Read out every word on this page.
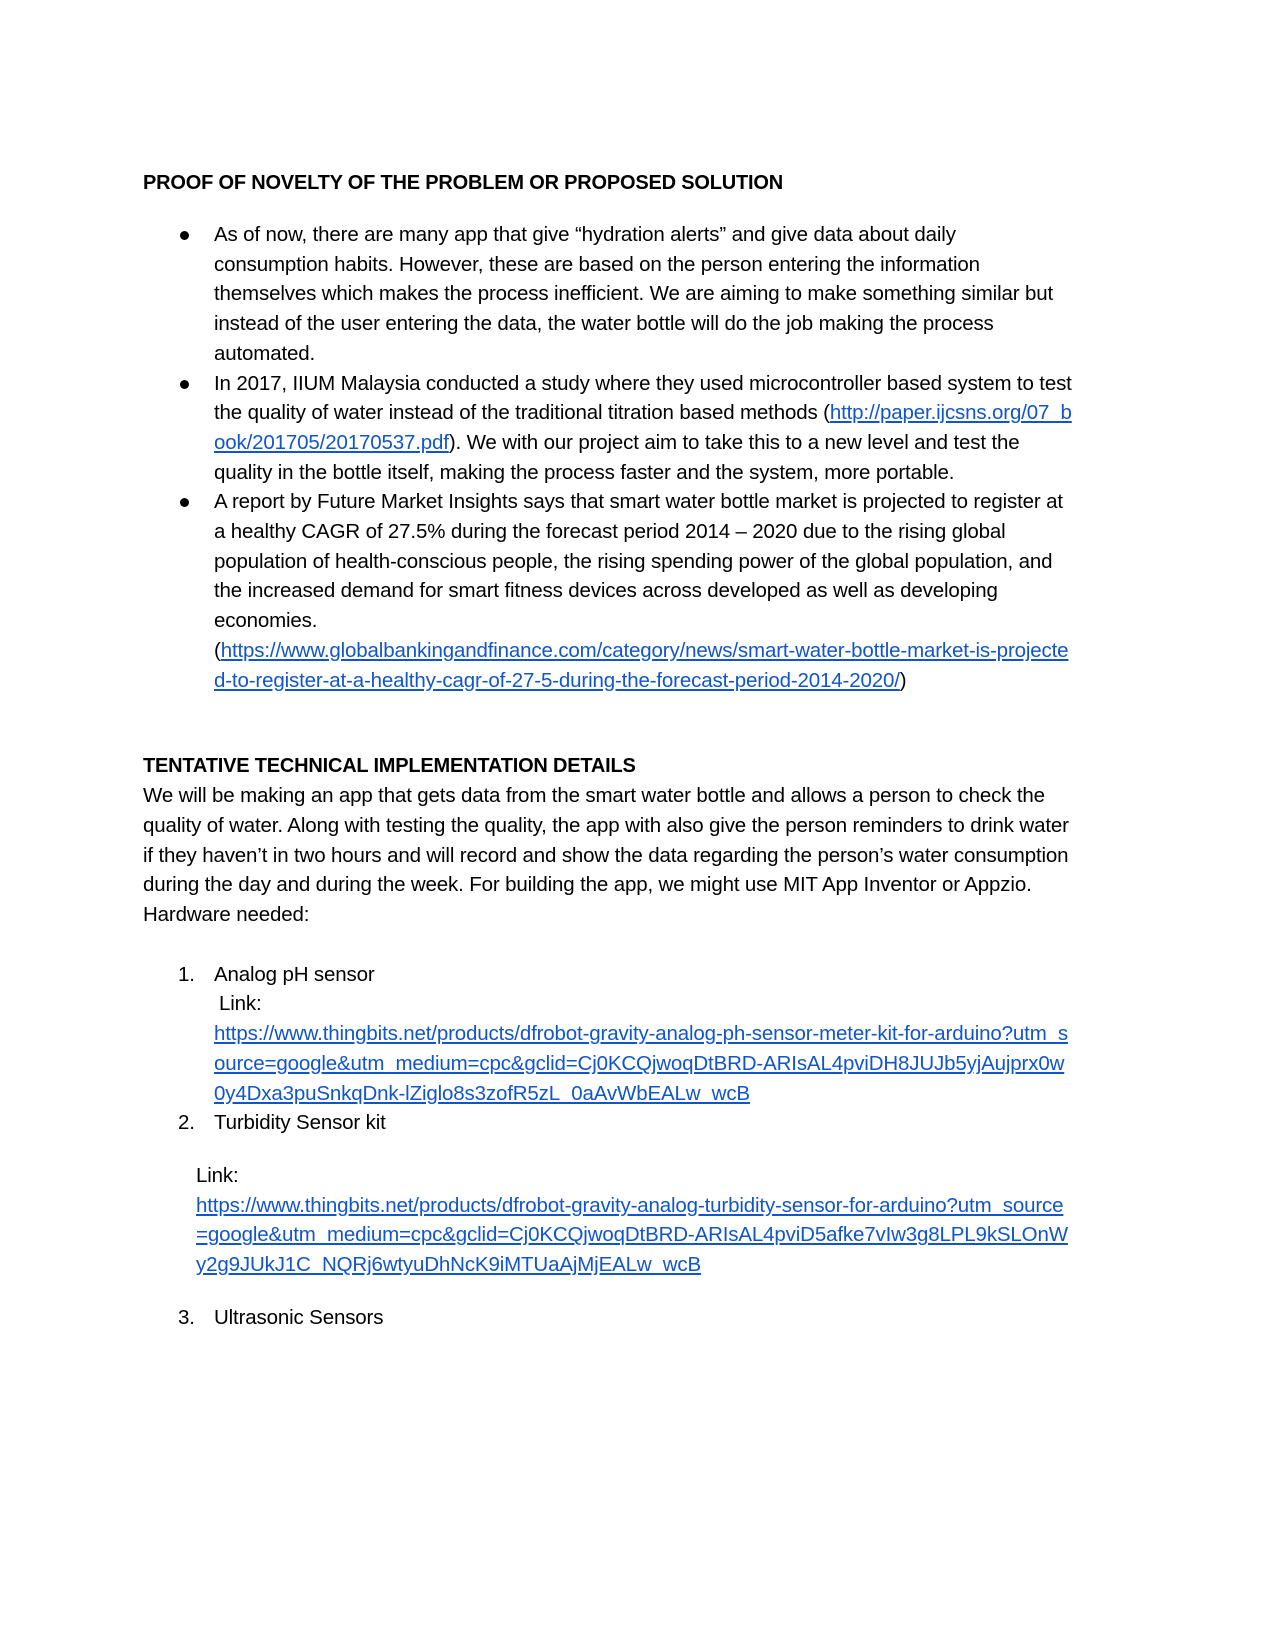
PROOF OF NOVELTY OF THE PROBLEM OR PROPOSED SOLUTION
As of now, there are many app that give “hydration alerts” and give data about daily consumption habits. However, these are based on the person entering the information themselves which makes the process inefficient. We are aiming to make something similar but instead of the user entering the data, the water bottle will do the job making the process automated.
In 2017, IIUM Malaysia conducted a study where they used microcontroller based system to test the quality of water instead of the traditional titration based methods (http://paper.ijcsns.org/07_book/201705/20170537.pdf). We with our project aim to take this to a new level and test the quality in the bottle itself, making the process faster and the system, more portable.
A report by Future Market Insights says that smart water bottle market is projected to register at a healthy CAGR of 27.5% during the forecast period 2014 – 2020 due to the rising global population of health-conscious people, the rising spending power of the global population, and the increased demand for smart fitness devices across developed as well as developing economies.
(https://www.globalbankingandfinance.com/category/news/smart-water-bottle-market-is-projected-to-register-at-a-healthy-cagr-of-27-5-during-the-forecast-period-2014-2020/)
TENTATIVE TECHNICAL IMPLEMENTATION DETAILS

We will be making an app that gets data from the smart water bottle and allows a person to check the quality of water. Along with testing the quality, the app with also give the person reminders to drink water if they haven’t in two hours and will record and show the data regarding the person’s water consumption during the day and during the week. For building the app, we might use MIT App Inventor or Appzio.

Hardware needed:

1. Analog pH sensor
Link:
https://www.thingbits.net/products/dfrobot-gravity-analog-ph-sensor-meter-kit-for-arduino?utm_source=google&utm_medium=cpc&gclid=Cj0KCQjwoqDtBRD-ARIsAL4pviDH8JUJb5yjAujprx0w0y4Dxa3puSnkqDnk-lZiglo8s3zofR5zL_0aAvWbEALw_wcB
2. Turbidity Sensor kit
Link:
https://www.thingbits.net/products/dfrobot-gravity-analog-turbidity-sensor-for-arduino?utm_source=google&utm_medium=cpc&gclid=Cj0KCQjwoqDtBRD-ARIsAL4pviD5afke7vIw3g8LPL9kSLOnWy2g9JUkJ1C_NQRj6wtyuDhNcK9iMTUaAjMjEALw_wcB
3. Ultrasonic Sensors
